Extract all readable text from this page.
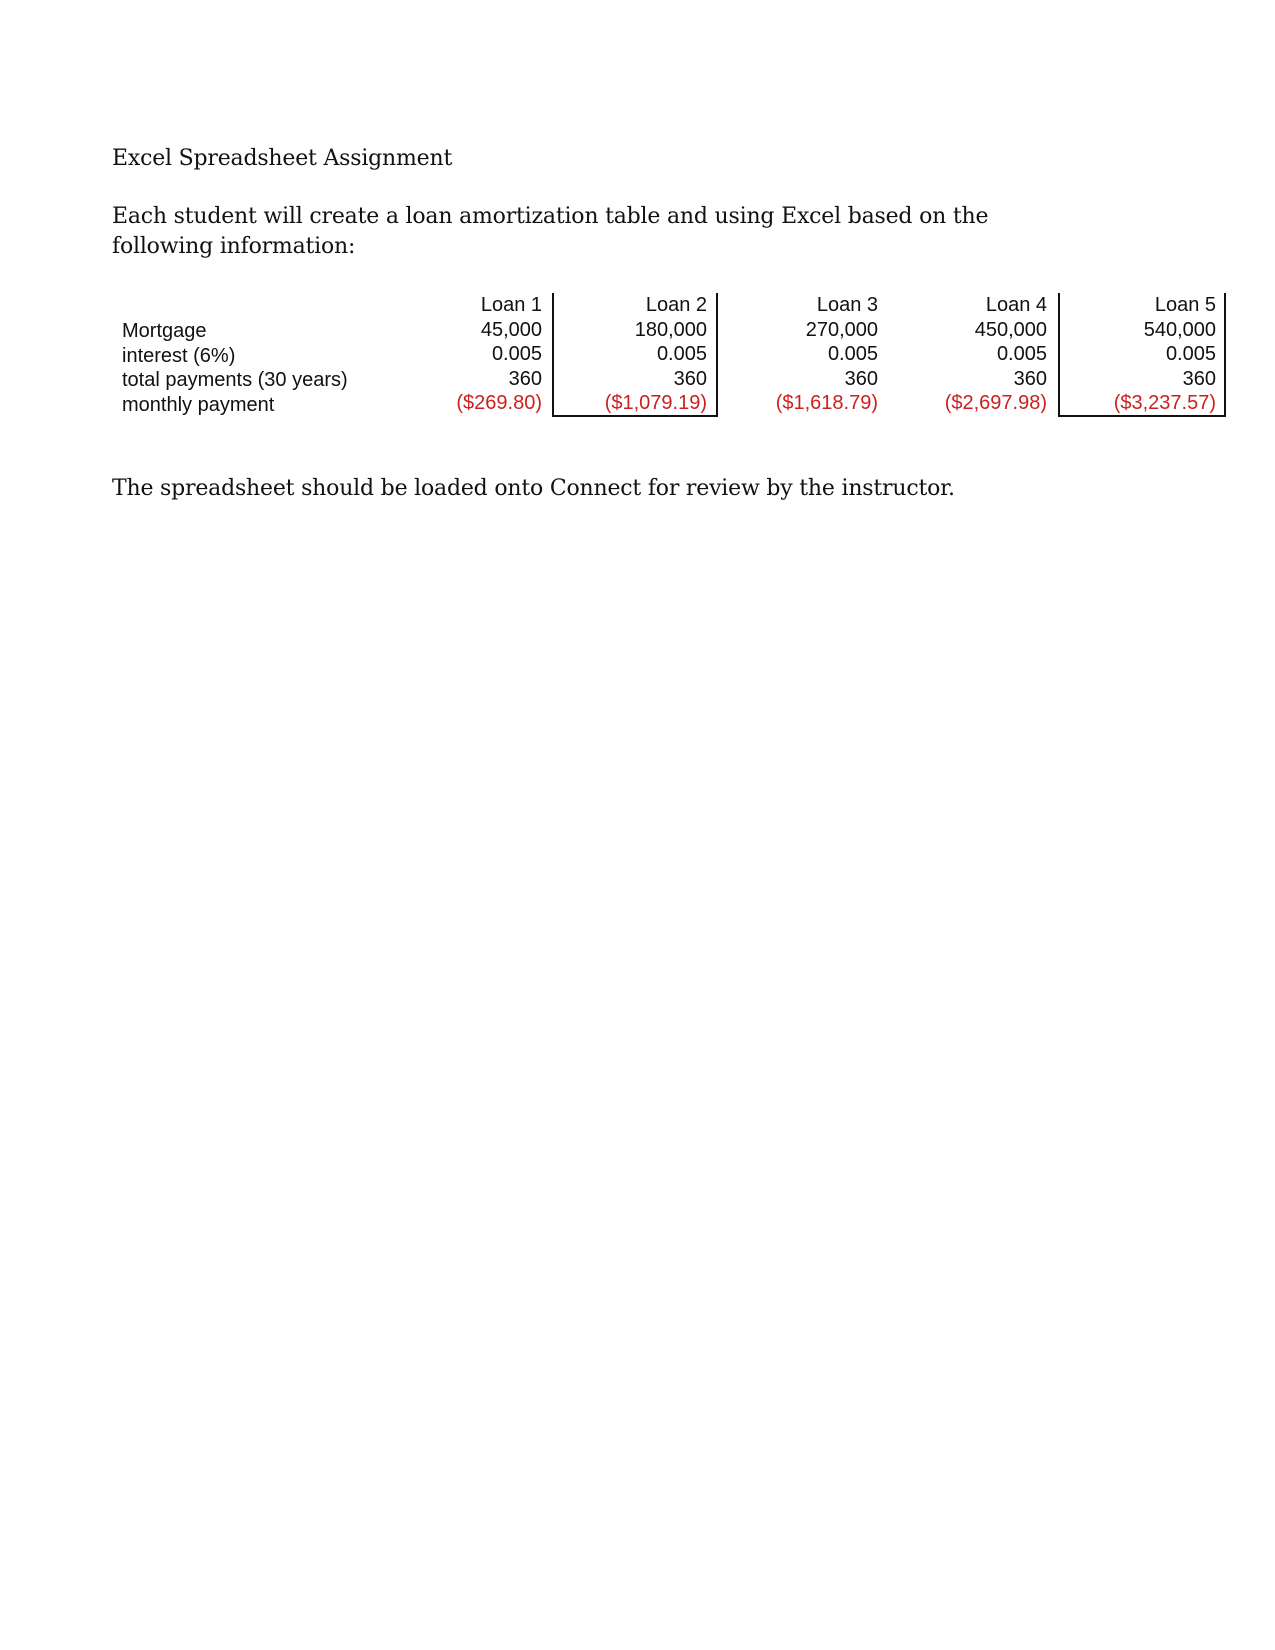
Excel Spreadsheet Assignment
Each student will create a loan amortization table and using Excel based on the following information:
Mortgage
interest (6%)
total payments (30 years)
monthly payment
Loan 1
45,000
0.005
360
($269.80)
Loan 2
180,000
0.005
360
($1,079.19)
Loan 3
270,000
0.005
360
($1,618.79)
Loan 4
450,000
0.005
360
($2,697.98)
Loan 5
540,000
0.005
360
($3,237.57)
The spreadsheet should be loaded onto Connect for review by the instructor.
